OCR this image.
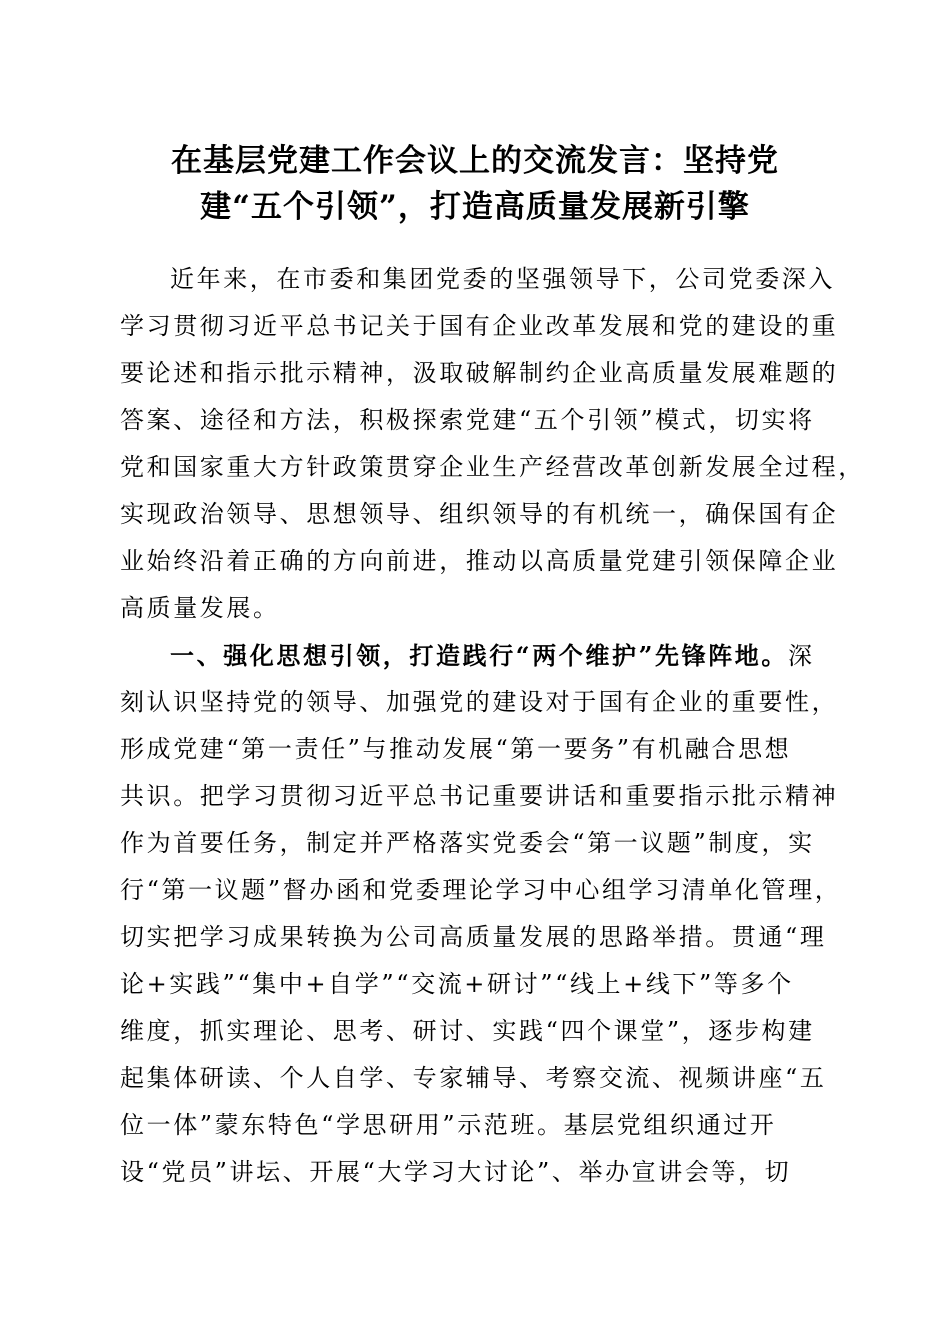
在基层党建工作会议上的交流发言：坚持党
建“五个引领”，打造高质量发展新引擎
近年来，在市委和集团党委的坚强领导下，公司党委深入
学习贯彻习近平总书记关于国有企业改革发展和党的建设的重
要论述和指示批示精神，汲取破解制约企业高质量发展难题的
答案、途径和方法，积极探索党建“五个引领”模式，切实将
党和国家重大方针政策贯穿企业生产经营改革创新发展全过程，
实现政治领导、思想领导、组织领导的有机统一，确保国有企
业始终沿着正确的方向前进，推动以高质量党建引领保障企业
高质量发展。
一、强化思想引领，打造践行“两个维护”先锋阵地。深
刻认识坚持党的领导、加强党的建设对于国有企业的重要性，
形成党建“第一责任”与推动发展“第一要务”有机融合思想
共识。把学习贯彻习近平总书记重要讲话和重要指示批示精神
作为首要任务，制定并严格落实党委会“第一议题”制度，实
行“第一议题”督办函和党委理论学习中心组学习清单化管理，
切实把学习成果转换为公司高质量发展的思路举措。贯通“理
论+实践”“集中+自学”“交流+研讨”“线上+线下”等多个
维度，抓实理论、思考、研讨、实践“四个课堂”，逐步构建
起集体研读、个人自学、专家辅导、考察交流、视频讲座“五
位一体”蒙东特色“学思研用”示范班。基层党组织通过开
设“党员”讲坛、开展“大学习大讨论”、举办宣讲会等，切
